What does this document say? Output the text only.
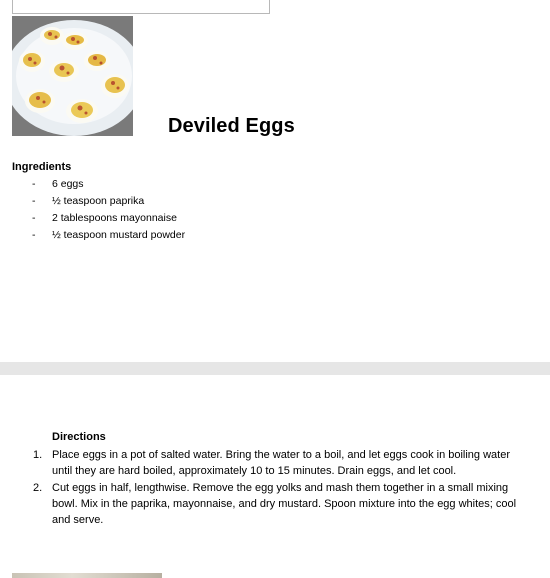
Deviled Eggs
Ingredients
- 6 eggs
- ½ teaspoon paprika
- 2 tablespoons mayonnaise
- ½ teaspoon mustard powder
Directions
1. Place eggs in a pot of salted water. Bring the water to a boil, and let eggs cook in boiling water until they are hard boiled, approximately 10 to 15 minutes. Drain eggs, and let cool.
2. Cut eggs in half, lengthwise. Remove the egg yolks and mash them together in a small mixing bowl. Mix in the paprika, mayonnaise, and dry mustard. Spoon mixture into the egg whites; cool and serve.
